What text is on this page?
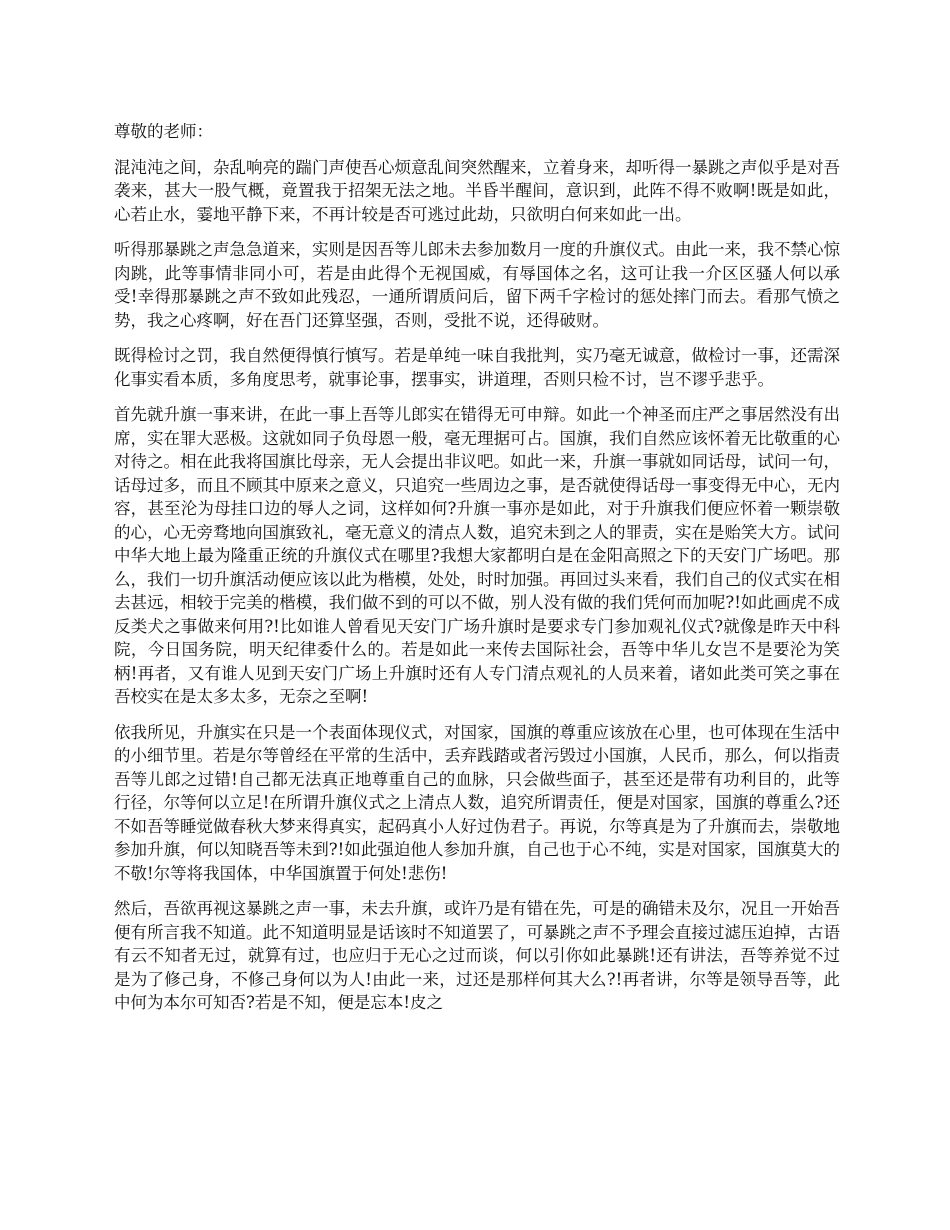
尊敬的老师：

混沌沌之间，杂乱响亮的踹门声使吾心烦意乱间突然醒来，立着身来，却听得一暴跳之声似乎是对吾袭来，甚大一股气概，竟置我于招架无法之地。半昏半醒间，意识到，此阵不得不败啊!既是如此，心若止水，霎地平静下来，不再计较是否可逃过此劫，只欲明白何来如此一出。

听得那暴跳之声急急道来，实则是因吾等儿郎未去参加数月一度的升旗仪式。由此一来，我不禁心惊肉跳，此等事情非同小可，若是由此得个无视国威，有辱国体之名，这可让我一介区区骚人何以承受!幸得那暴跳之声不致如此残忍，一通所谓质问后，留下两千字检讨的惩处摔门而去。看那气愤之势，我之心疼啊，好在吾门还算坚强，否则，受批不说，还得破财。

既得检讨之罚，我自然便得慎行慎写。若是单纯一味自我批判，实乃毫无诚意，做检讨一事，还需深化事实看本质，多角度思考，就事论事，摆事实，讲道理，否则只检不讨，岂不谬乎悲乎。

首先就升旗一事来讲，在此一事上吾等儿郎实在错得无可申辩。如此一个神圣而庄严之事居然没有出席，实在罪大恶极。这就如同子负母恩一般，毫无理据可占。国旗，我们自然应该怀着无比敬重的心对待之。相在此我将国旗比母亲，无人会提出非议吧。如此一来，升旗一事就如同话母，试问一句，话母过多，而且不顾其中原来之意义，只追究一些周边之事，是否就使得话母一事变得无中心，无内容，甚至沦为母挂口边的辱人之词，这样如何?升旗一事亦是如此，对于升旗我们便应怀着一颗崇敬的心，心无旁骛地向国旗致礼，毫无意义的清点人数，追究未到之人的罪责，实在是贻笑大方。试问中华大地上最为隆重正统的升旗仪式在哪里?我想大家都明白是在金阳高照之下的天安门广场吧。那么，我们一切升旗活动便应该以此为楷模，处处，时时加强。再回过头来看，我们自己的仪式实在相去甚远，相较于完美的楷模，我们做不到的可以不做，别人没有做的我们凭何而加呢?!如此画虎不成反类犬之事做来何用?!比如谁人曾看见天安门广场升旗时是要求专门参加观礼仪式?就像是昨天中科院，今日国务院，明天纪律委什么的。若是如此一来传去国际社会，吾等中华儿女岂不是要沦为笑柄!再者，又有谁人见到天安门广场上升旗时还有人专门清点观礼的人员来着，诸如此类可笑之事在吾校实在是太多太多，无奈之至啊!

依我所见，升旗实在只是一个表面体现仪式，对国家，国旗的尊重应该放在心里，也可体现在生活中的小细节里。若是尔等曾经在平常的生活中，丢弃践踏或者污毁过小国旗，人民币，那么，何以指责吾等儿郎之过错!自己都无法真正地尊重自己的血脉，只会做些面子，甚至还是带有功利目的，此等行径，尔等何以立足!在所谓升旗仪式之上清点人数，追究所谓责任，便是对国家，国旗的尊重么?还不如吾等睡觉做春秋大梦来得真实，起码真小人好过伪君子。再说，尔等真是为了升旗而去，崇敬地参加升旗，何以知晓吾等未到?!如此强迫他人参加升旗，自己也于心不纯，实是对国家，国旗莫大的不敬!尔等将我国体，中华国旗置于何处!悲伤!

然后，吾欲再视这暴跳之声一事，未去升旗，或许乃是有错在先，可是的确错未及尔，况且一开始吾便有所言我不知道。此不知道明显是话该时不知道罢了，可暴跳之声不予理会直接过滤压迫掉，古语有云不知者无过，就算有过，也应归于无心之过而谈，何以引你如此暴跳!还有讲法，吾等养觉不过是为了修己身，不修己身何以为人!由此一来，过还是那样何其大么?!再者讲，尔等是领导吾等，此中何为本尔可知否?若是不知，便是忘本!皮之
